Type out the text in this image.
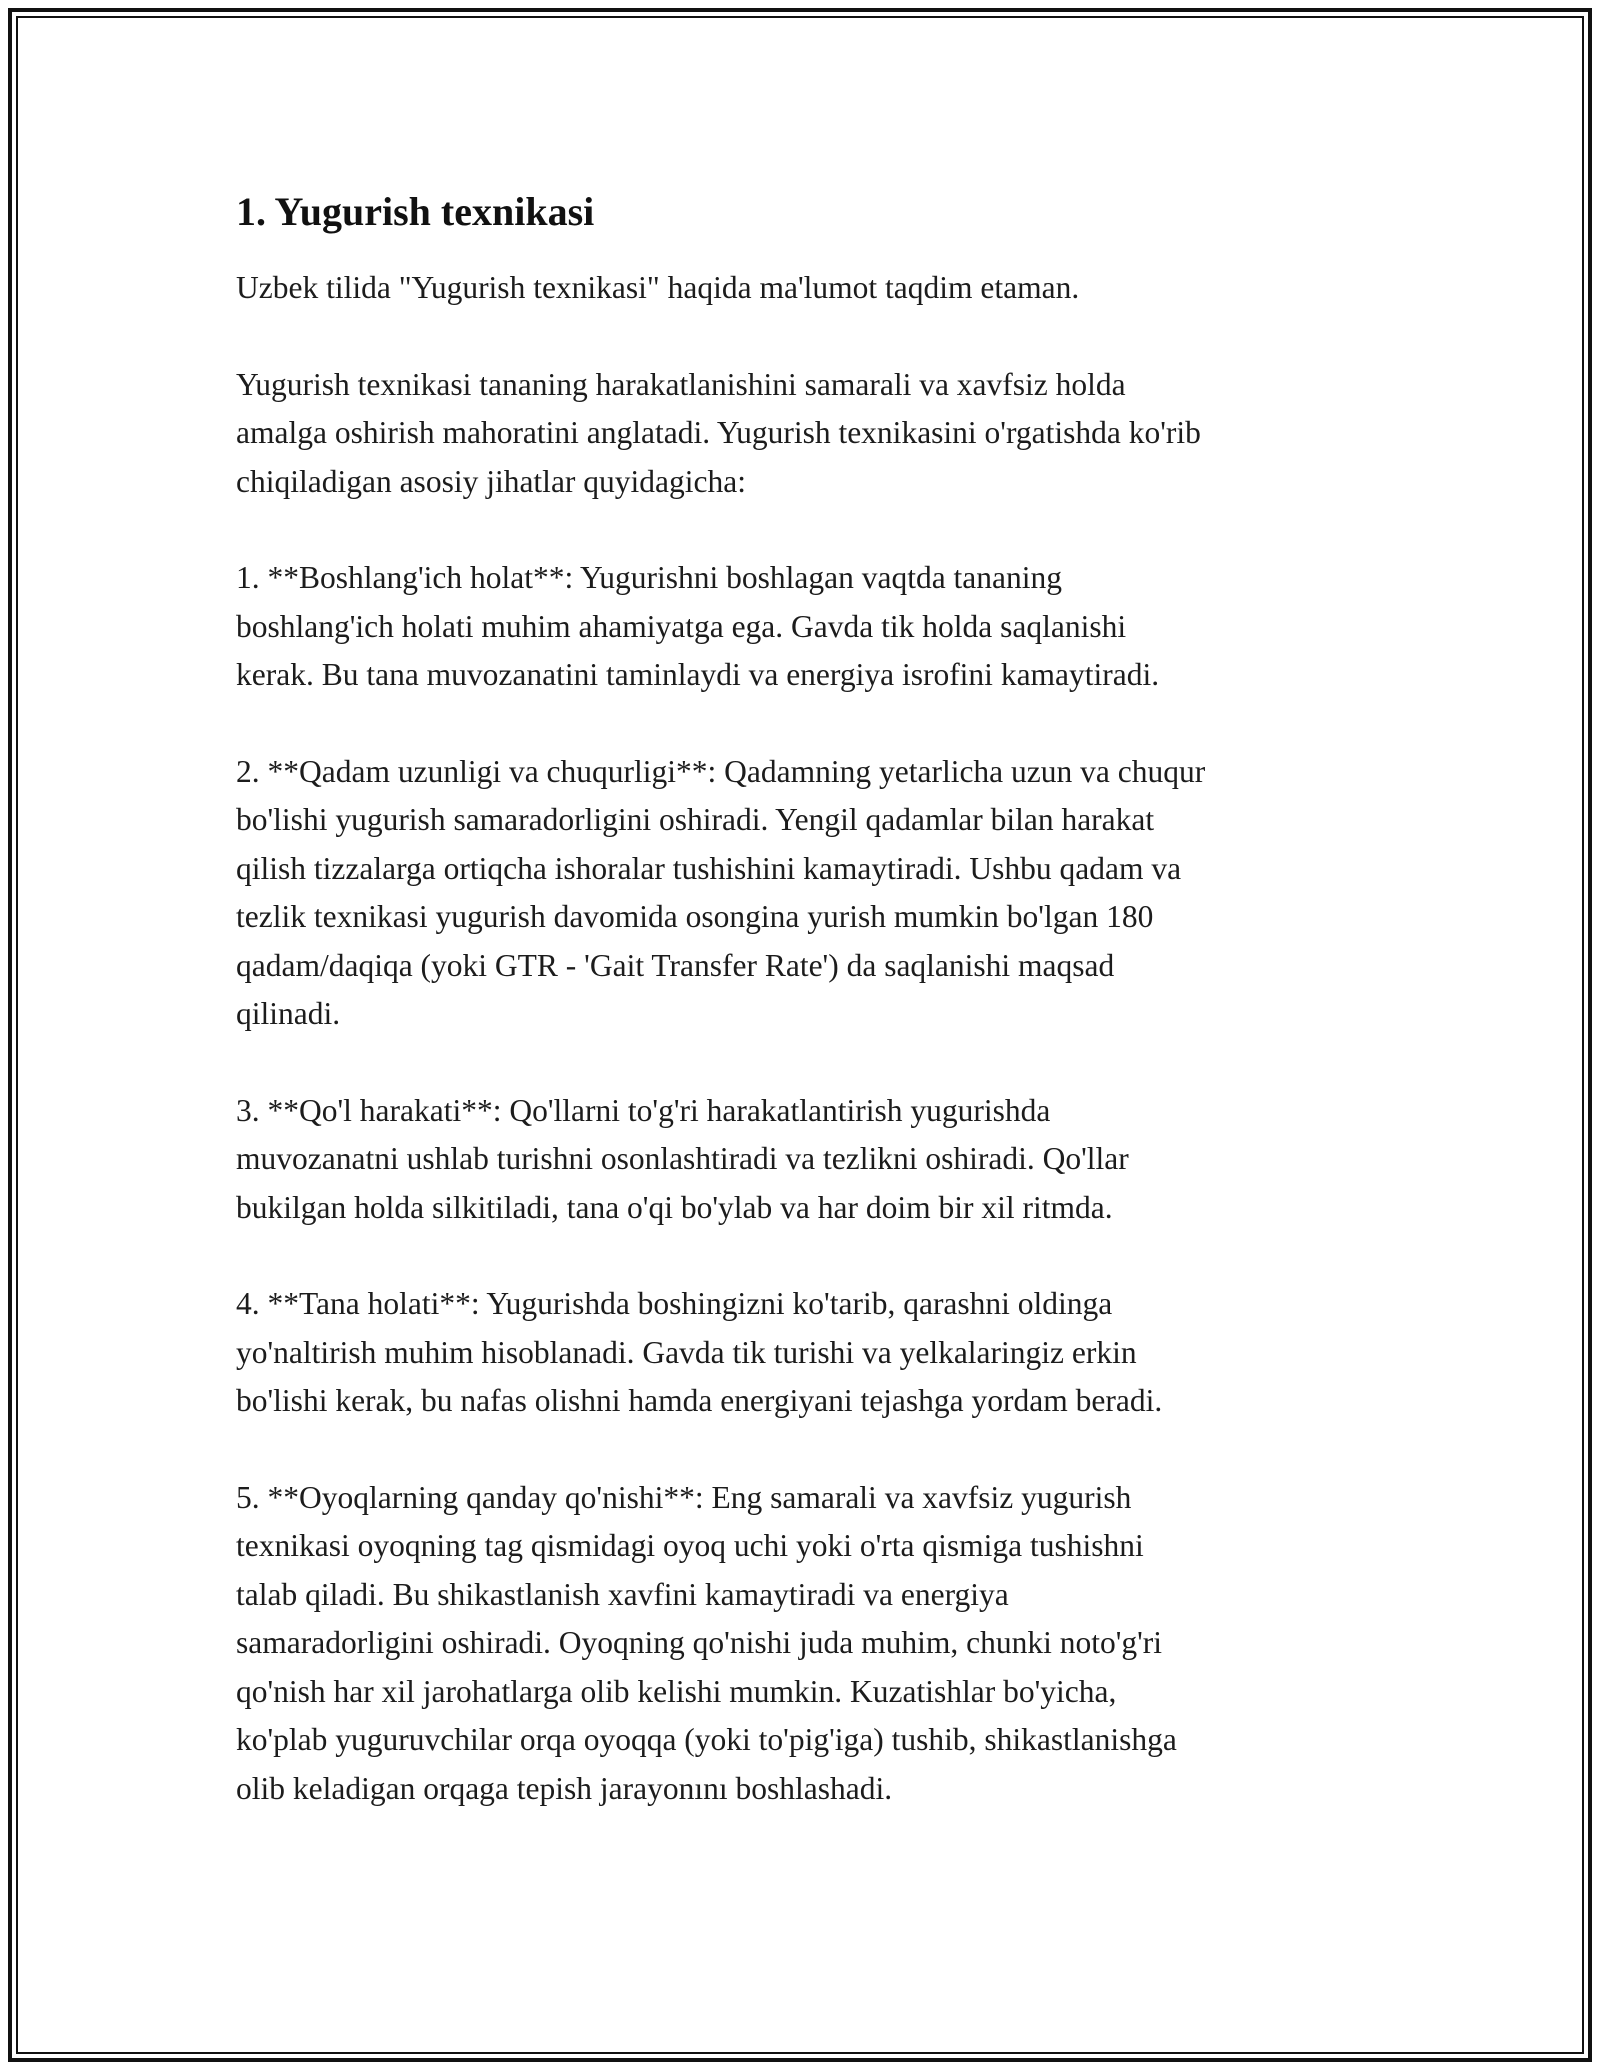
1. Yugurish texnikasi

Uzbek tilida "Yugurish texnikasi" haqida ma'lumot taqdim etaman.

Yugurish texnikasi tananing harakatlanishini samarali va xavfsiz holda
amalga oshirish mahoratini anglatadi. Yugurish texnikasini o'rgatishda ko'rib
chiqiladigan asosiy jihatlar quyidagicha:

1. **Boshlang'ich holat**: Yugurishni boshlagan vaqtda tananing
boshlang'ich holati muhim ahamiyatga ega. Gavda tik holda saqlanishi
kerak. Bu tana muvozanatini taminlaydi va energiya isrofini kamaytiradi.

2. **Qadam uzunligi va chuqurligi**: Qadamning yetarlicha uzun va chuqur
bo'lishi yugurish samaradorligini oshiradi. Yengil qadamlar bilan harakat
qilish tizzalarga ortiqcha ishoralar tushishini kamaytiradi. Ushbu qadam va
tezlik texnikasi yugurish davomida osongina yurish mumkin bo'lgan 180
qadam/daqiqa (yoki GTR - 'Gait Transfer Rate') da saqlanishi maqsad
qilinadi.

3. **Qo'l harakati**: Qo'llarni to'g'ri harakatlantirish yugurishda
muvozanatni ushlab turishni osonlashtiradi va tezlikni oshiradi. Qo'llar
bukilgan holda silkitiladi, tana o'qi bo'ylab va har doim bir xil ritmda.

4. **Tana holati**: Yugurishda boshingizni ko'tarib, qarashni oldinga
yo'naltirish muhim hisoblanadi. Gavda tik turishi va yelkalaringiz erkin
bo'lishi kerak, bu nafas olishni hamda energiyani tejashga yordam beradi.

5. **Oyoqlarning qanday qo'nishi**: Eng samarali va xavfsiz yugurish
texnikasi oyoqning tag qismidagi oyoq uchi yoki o'rta qismiga tushishni
talab qiladi. Bu shikastlanish xavfini kamaytiradi va energiya
samaradorligini oshiradi. Oyoqning qo'nishi juda muhim, chunki noto'g'ri
qo'nish har xil jarohatlarga olib kelishi mumkin. Kuzatishlar bo'yicha,
ko'plab yuguruvchilar orqa oyoqqa (yoki to'pig'iga) tushib, shikastlanishga
olib keladigan orqaga tepish jarayonını boshlashadi.
